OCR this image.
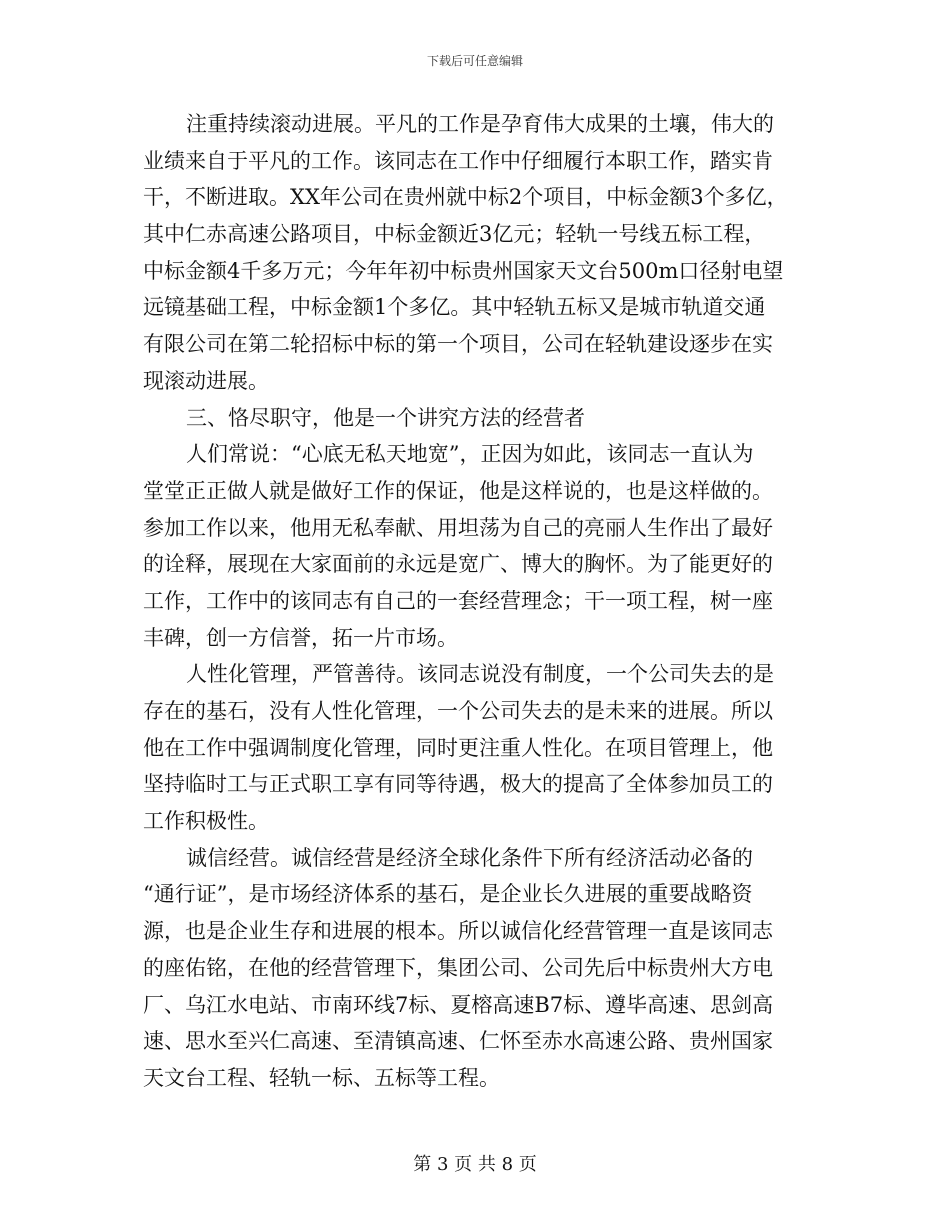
下载后可任意编辑
注重持续滚动进展。平凡的工作是孕育伟大成果的土壤，伟大的
业绩来自于平凡的工作。该同志在工作中仔细履行本职工作，踏实肯
干，不断进取。XX年公司在贵州就中标2个项目，中标金额3个多亿，
其中仁赤高速公路项目，中标金额近3亿元；轻轨一号线五标工程，
中标金额4千多万元；今年年初中标贵州国家天文台500m口径射电望
远镜基础工程，中标金额1个多亿。其中轻轨五标又是城市轨道交通
有限公司在第二轮招标中标的第一个项目，公司在轻轨建设逐步在实
现滚动进展。
三、恪尽职守，他是一个讲究方法的经营者
人们常说：“心底无私天地宽”，正因为如此，该同志一直认为
堂堂正正做人就是做好工作的保证，他是这样说的，也是这样做的。
参加工作以来，他用无私奉献、用坦荡为自己的亮丽人生作出了最好
的诠释，展现在大家面前的永远是宽广、博大的胸怀。为了能更好的
工作，工作中的该同志有自己的一套经营理念；干一项工程，树一座
丰碑，创一方信誉，拓一片市场。
人性化管理，严管善待。该同志说没有制度，一个公司失去的是
存在的基石，没有人性化管理，一个公司失去的是未来的进展。所以
他在工作中强调制度化管理，同时更注重人性化。在项目管理上，他
坚持临时工与正式职工享有同等待遇，极大的提高了全体参加员工的
工作积极性。
诚信经营。诚信经营是经济全球化条件下所有经济活动必备的
“通行证”，是市场经济体系的基石，是企业长久进展的重要战略资
源，也是企业生存和进展的根本。所以诚信化经营管理一直是该同志
的座佑铭，在他的经营管理下，集团公司、公司先后中标贵州大方电
厂、乌江水电站、市南环线7标、夏榕高速B7标、遵毕高速、思剑高
速、思水至兴仁高速、至清镇高速、仁怀至赤水高速公路、贵州国家
天文台工程、轻轨一标、五标等工程。
第 3 页 共 8 页
